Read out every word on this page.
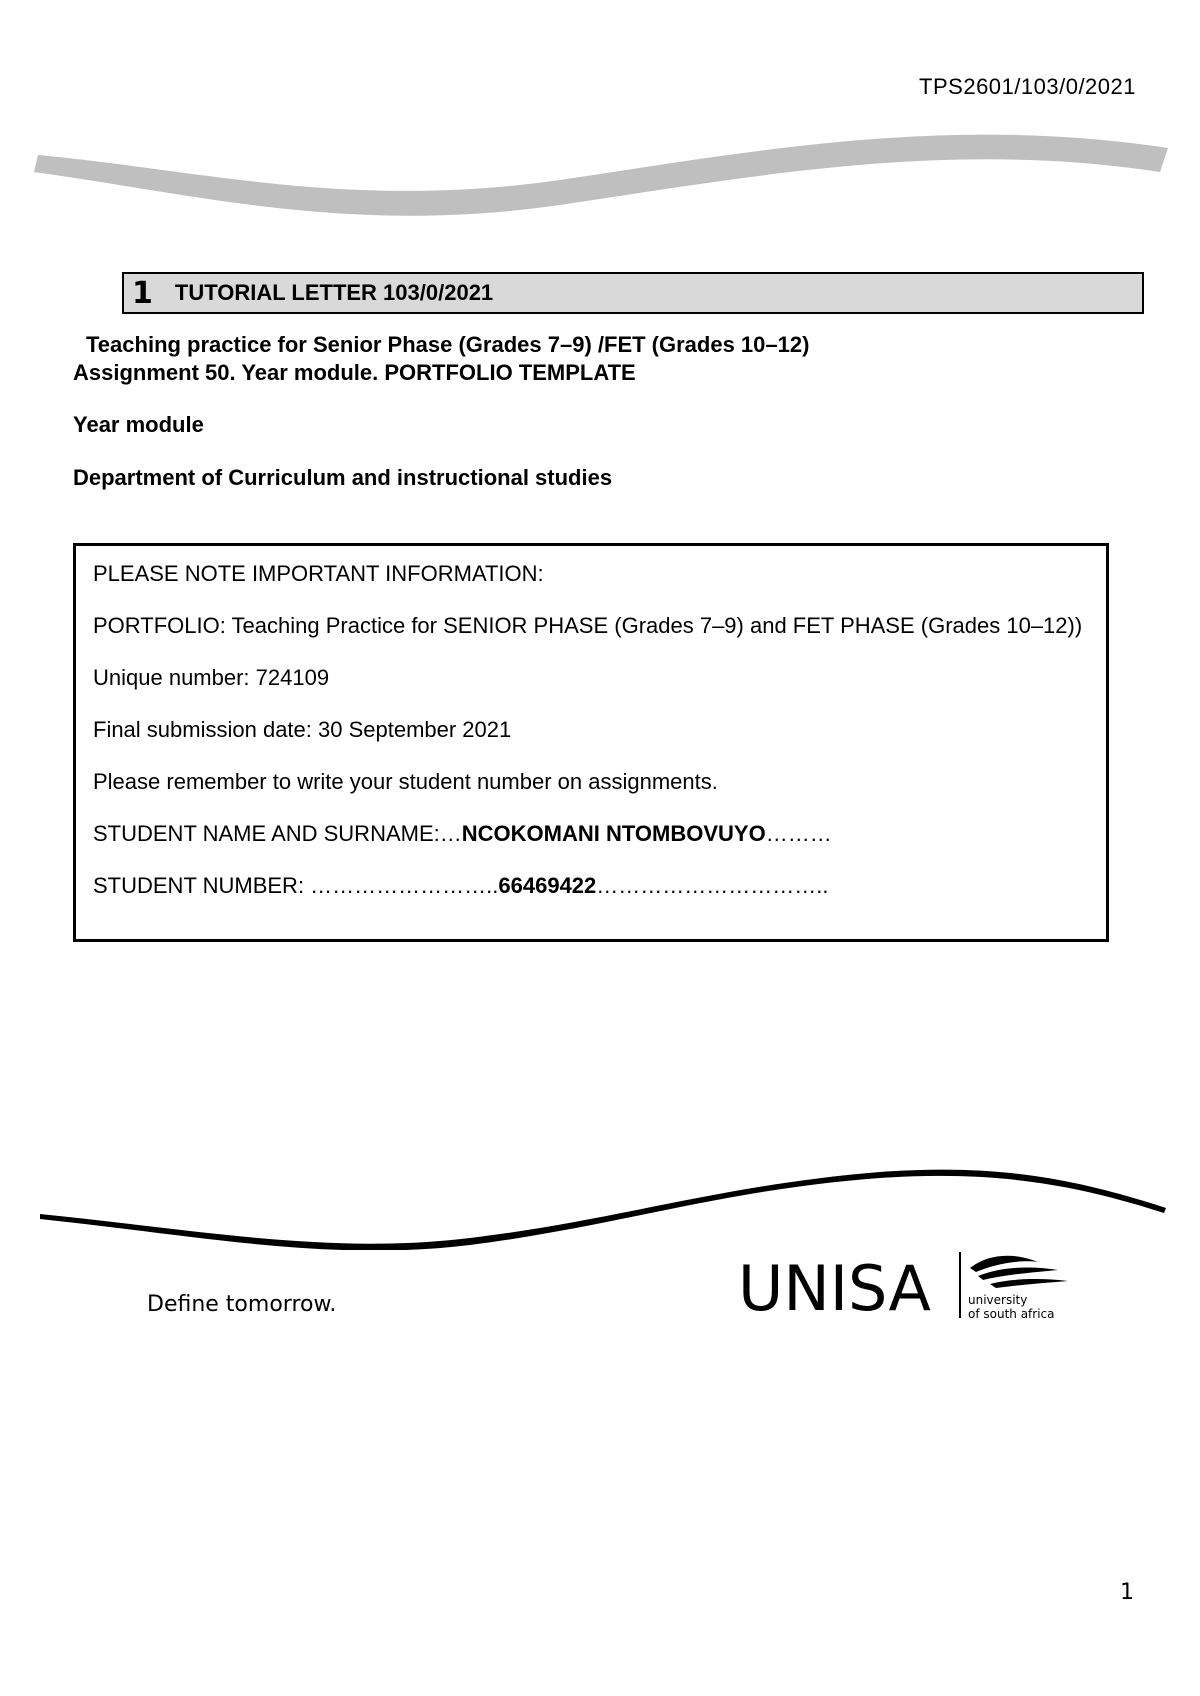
TPS2601/103/0/2021
1 TUTORIAL LETTER 103/0/2021
Teaching practice for Senior Phase (Grades 7–9) /FET (Grades 10–12)
Assignment 50. Year module. PORTFOLIO TEMPLATE
Year module
Department of Curriculum and instructional studies

PLEASE NOTE IMPORTANT INFORMATION:

PORTFOLIO: Teaching Practice for SENIOR PHASE (Grades 7–9) and FET PHASE (Grades 10–12))

Unique number: 724109

Final submission date: 30 September 2021

Please remember to write your student number on assignments.

STUDENT NAME AND SURNAME:…NCOKOMANI NTOMBOVUYO………

STUDENT NUMBER: ……………………..66469422…………………………..

Define tomorrow.	UNISA	university
of south africa
1
